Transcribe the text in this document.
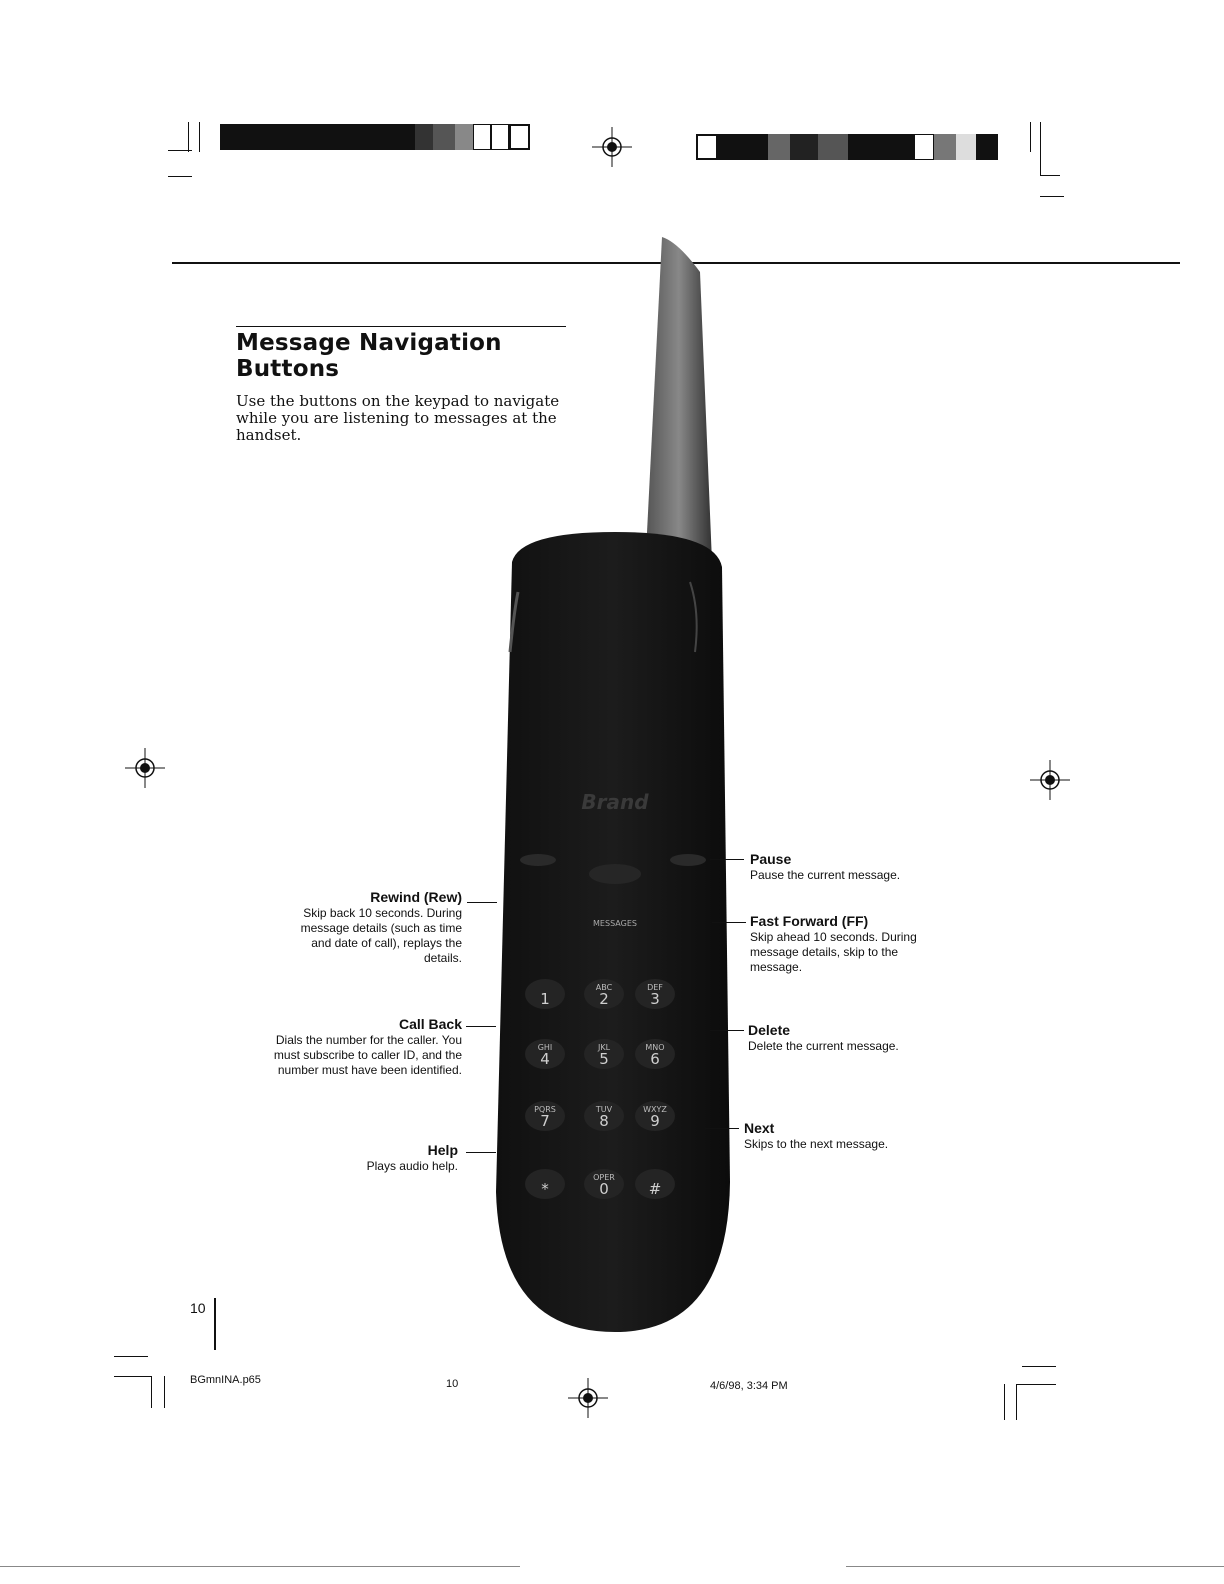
Message Navigation Buttons
Use the buttons on the keypad to navigate while you are listening to messages at the handset.
Brand
MESSAGES
1
ABC
2
DEF
3
GHI
4
JKL
5
MNO
6
PQRS
7
TUV
8
WXYZ
9
*
OPER
0	#
Rewind (Rew)
Skip back 10 seconds. During message details (such as time and date of call), replays the details.
Call Back
Dials the number for the caller. You must subscribe to caller ID, and the number must have been identified.
Help
Plays audio help.
Pause
Pause the current message.
Fast Forward (FF)
Skip ahead 10 seconds. During message details, skip to the message.
Delete
Delete the current message.
Next
Skips to the next message.
10
BGmnINA.p65	10	4/6/98, 3:34 PM
